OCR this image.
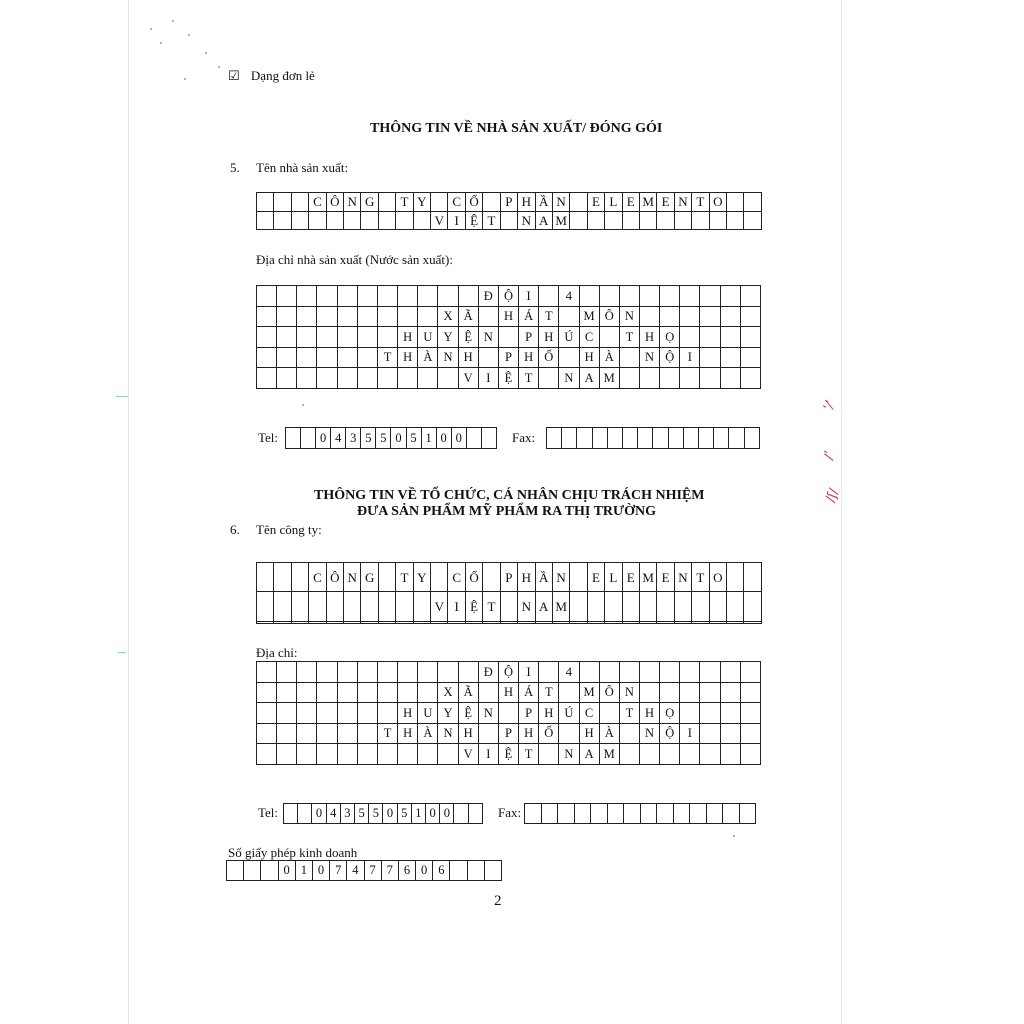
ʹ⁄ʹ
/ʹ
/ʃ/
☑ Dạng đơn lẻ
THÔNG TIN VỀ NHÀ SẢN XUẤT/ ĐÓNG GÓI
5. Tên nhà sản xuất:
			C	Ô	N	G		T	Y		C	Ổ		P	H	Ầ	N		E	L	E	M	E	N	T	O		
										V	I	Ệ	T		N	A	M											
Địa chỉ nhà sản xuất (Nước sản xuất):
											Đ	Ộ	I		4									
									X	Ã		H	Á	T		M	Ô	N						
							H	U	Y	Ệ	N		P	H	Ú	C		T	H	Ọ				
						T	H	À	N	H		P	H	Ố		H	À		N	Ộ	I			
										V	I	Ệ	T		N	A	M							
Tel:
			0	4	3	5	5	0	5	1	0	0			Fax:

THÔNG TIN VỀ TỔ CHỨC, CÁ NHÂN CHỊU TRÁCH NHIỆM
ĐƯA SẢN PHẨM MỸ PHẨM RA THỊ TRƯỜNG
6. Tên công ty:
			C	Ô	N	G		T	Y		C	Ổ		P	H	Ầ	N		E	L	E	M	E	N	T	O		
										V	I	Ệ	T		N	A	M											

Địa chỉ:
											Đ	Ộ	I		4									
									X	Ã		H	Á	T		M	Ô	N						
							H	U	Y	Ệ	N		P	H	Ú	C		T	H	Ọ				
						T	H	À	N	H		P	H	Ố		H	À		N	Ộ	I			
										V	I	Ệ	T		N	A	M							
Tel:
			0	4	3	5	5	0	5	1	0	0			Fax:

Số giấy phép kinh doanh
			0	1	0	7	4	7	7	6	0	6			
2
